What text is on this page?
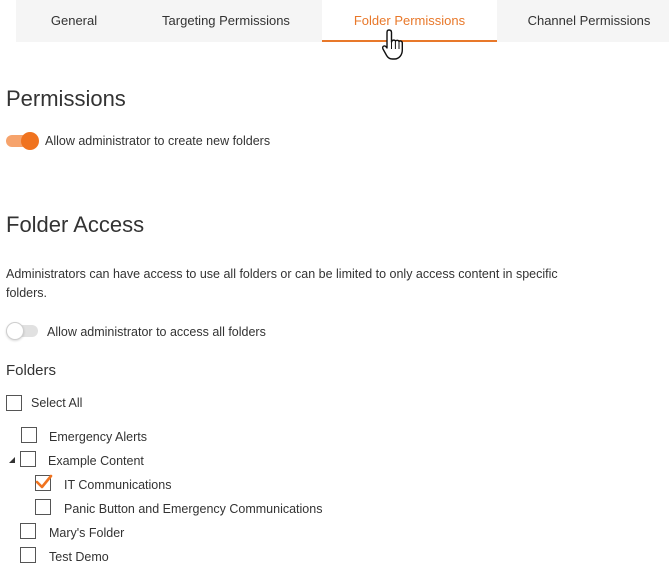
General	Targeting Permissions	Folder Permissions	Channel Permissions
Permissions
Allow administrator to create new folders
Folder Access
Administrators can have access to use all folders or can be limited to only access content in specific
folders.
Allow administrator to access all folders
Folders
Select All
Emergency Alerts
Example Content
IT Communications
Panic Button and Emergency Communications
Mary's Folder
Test Demo
